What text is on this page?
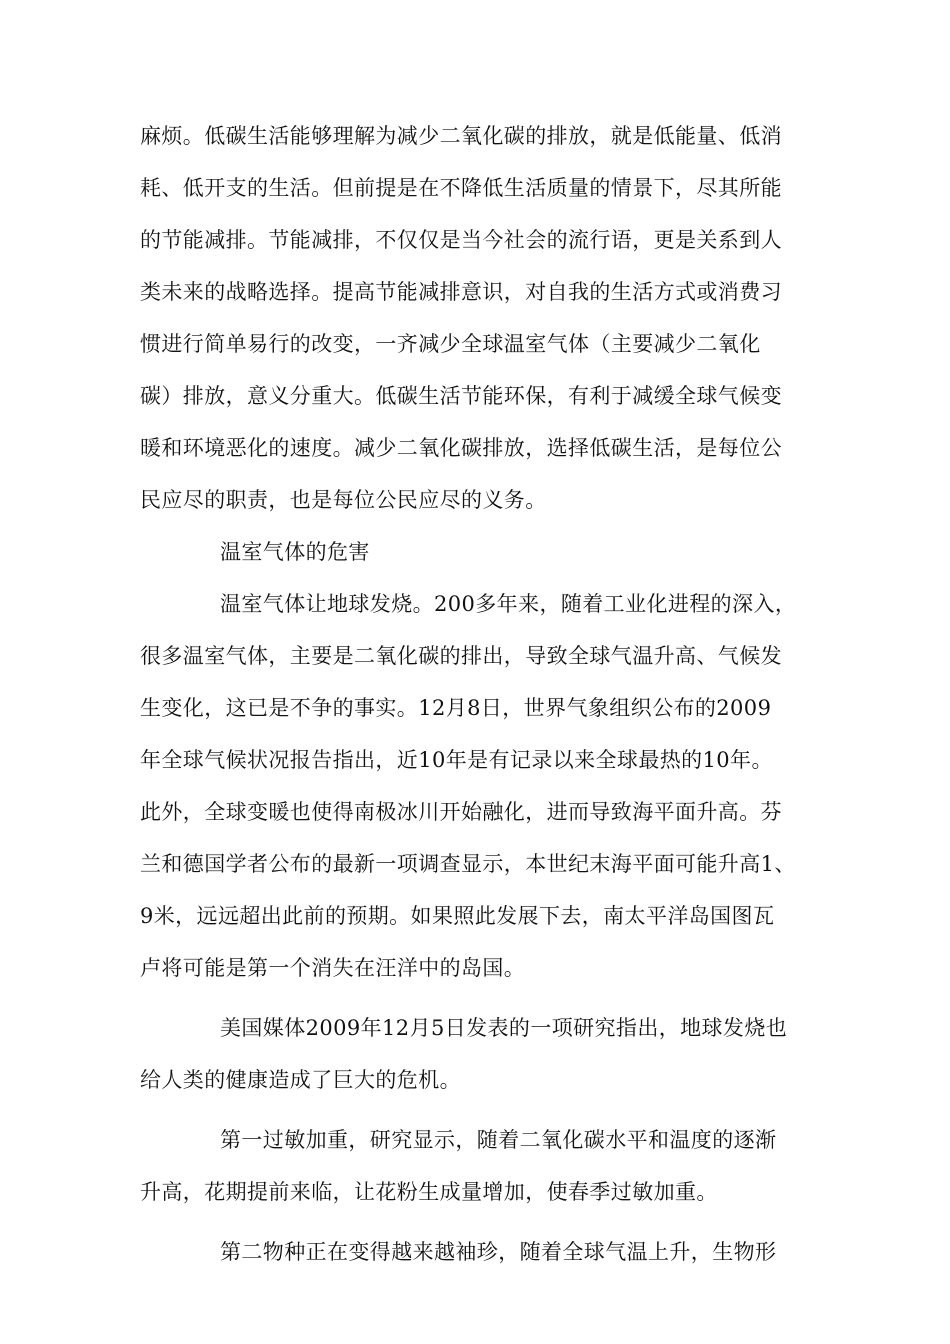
麻烦。低碳生活能够理解为减少二氧化碳的排放，就是低能量、低消
耗、低开支的生活。但前提是在不降低生活质量的情景下，尽其所能
的节能减排。节能减排，不仅仅是当今社会的流行语，更是关系到人
类未来的战略选择。提高节能减排意识，对自我的生活方式或消费习
惯进行简单易行的改变，一齐减少全球温室气体（主要减少二氧化
碳）排放，意义分重大。低碳生活节能环保，有利于减缓全球气候变
暖和环境恶化的速度。减少二氧化碳排放，选择低碳生活，是每位公
民应尽的职责，也是每位公民应尽的义务。
温室气体的危害
温室气体让地球发烧。200多年来，随着工业化进程的深入，
很多温室气体，主要是二氧化碳的排出，导致全球气温升高、气候发
生变化，这已是不争的事实。12月8日，世界气象组织公布的2009
年全球气候状况报告指出，近10年是有记录以来全球最热的10年。
此外，全球变暖也使得南极冰川开始融化，进而导致海平面升高。芬
兰和德国学者公布的最新一项调查显示，本世纪末海平面可能升高1、
9米，远远超出此前的预期。如果照此发展下去，南太平洋岛国图瓦
卢将可能是第一个消失在汪洋中的岛国。
美国媒体2009年12月5日发表的一项研究指出，地球发烧也
给人类的健康造成了巨大的危机。
第一过敏加重，研究显示，随着二氧化碳水平和温度的逐渐
升高，花期提前来临，让花粉生成量增加，使春季过敏加重。
第二物种正在变得越来越袖珍，随着全球气温上升，生物形
